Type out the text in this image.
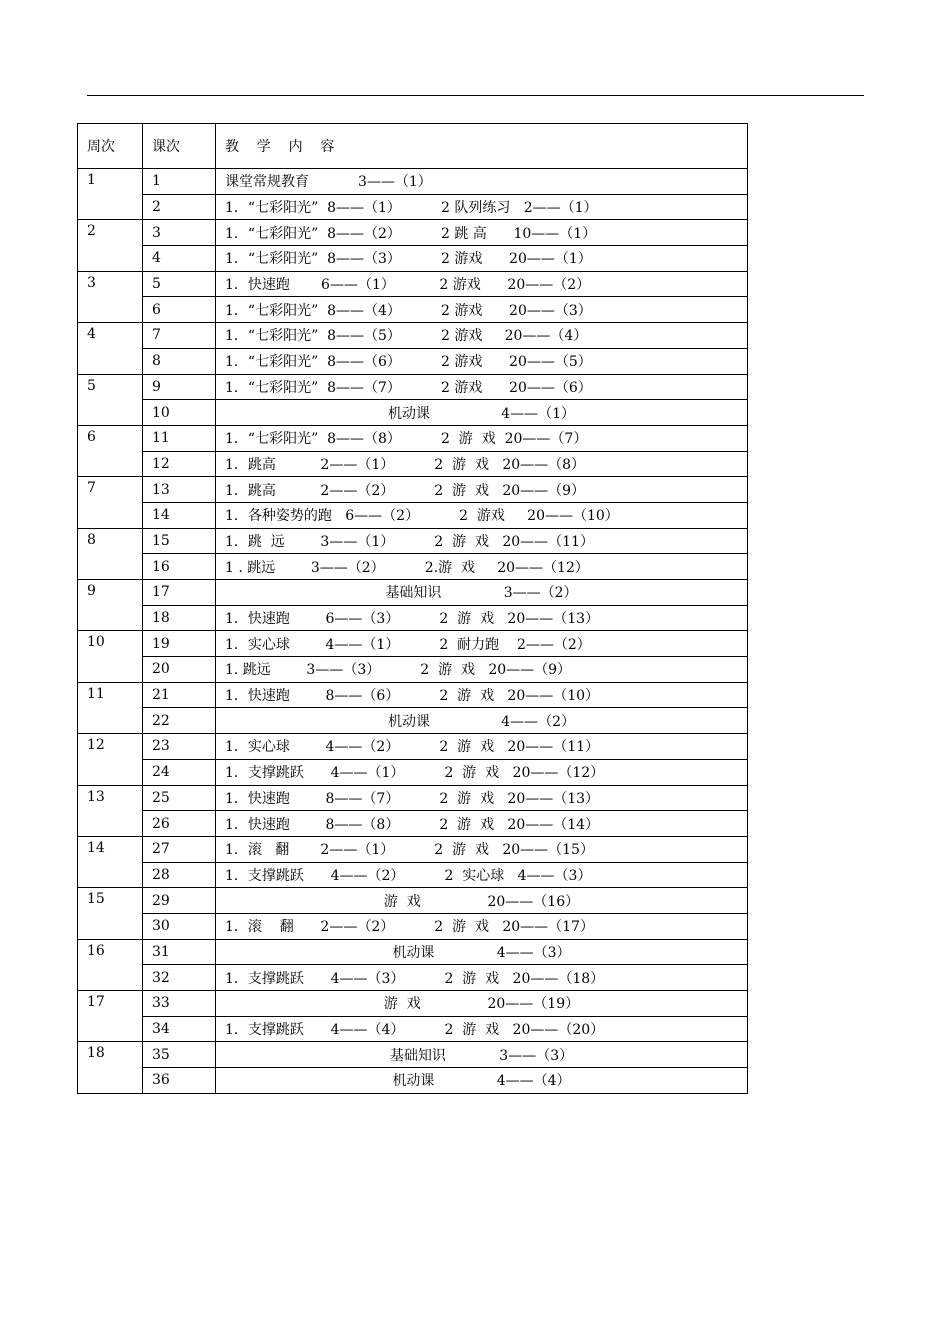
周次	课次	教    学    内    容
1	1	课堂常规教育           3——（1）
	2	1．“七彩阳光”  8——（1）         2 队列练习   2——（1）
2	3	1．“七彩阳光”  8——（2）         2 跳 高      10——（1）
	4	1．“七彩阳光”  8——（3）         2 游戏      20——（1）
3	5	1．快速跑       6——（1）          2 游戏      20——（2）
	6	1．“七彩阳光”  8——（4）         2 游戏      20——（3）
4	7	1．“七彩阳光”  8——（5）         2 游戏     20——（4）
	8	1．“七彩阳光”  8——（6）         2 游戏      20——（5）
5	9	1．“七彩阳光”  8——（7）         2 游戏      20——（6）
	10	机动课                4——（1）
6	11	1．“七彩阳光”  8——（8）         2  游  戏  20——（7）
	12	1．跳高          2——（1）         2  游  戏   20——（8）
7	13	1．跳高          2——（2）         2  游  戏   20——（9）
	14	1．各种姿势的跑   6——（2）         2  游戏     20——（10）
8	15	1．跳  远        3——（1）         2  游  戏   20——（11）
	16	1 . 跳远        3——（2）         2.游  戏     20——（12）
9	17	基础知识              3——（2）
	18	1．快速跑        6——（3）         2  游  戏   20——（13）
10	19	1．实心球        4——（1）         2  耐力跑    2——（2）
	20	1. 跳远        3——（3）         2  游  戏   20——（9）
11	21	1．快速跑        8——（6）         2  游  戏   20——（10）
	22	机动课                4——（2）
12	23	1．实心球        4——（2）         2  游  戏   20——（11）
	24	1．支撑跳跃      4——（1）         2  游  戏   20——（12）
13	25	1．快速跑        8——（7）         2  游  戏   20——（13）
	26	1．快速跑        8——（8）         2  游  戏   20——（14）
14	27	1．滚   翻       2——（1）         2  游  戏   20——（15）
	28	1．支撑跳跃      4——（2）         2  实心球   4——（3）
15	29	游  戏               20——（16）
	30	1．滚    翻      2——（2）         2  游  戏   20——（17）
16	31	机动课              4——（3）
	32	1．支撑跳跃      4——（3）         2  游  戏   20——（18）
17	33	游  戏               20——（19）
	34	1．支撑跳跃      4——（4）         2  游  戏   20——（20）
18	35	基础知识            3——（3）
	36	机动课              4——（4）
